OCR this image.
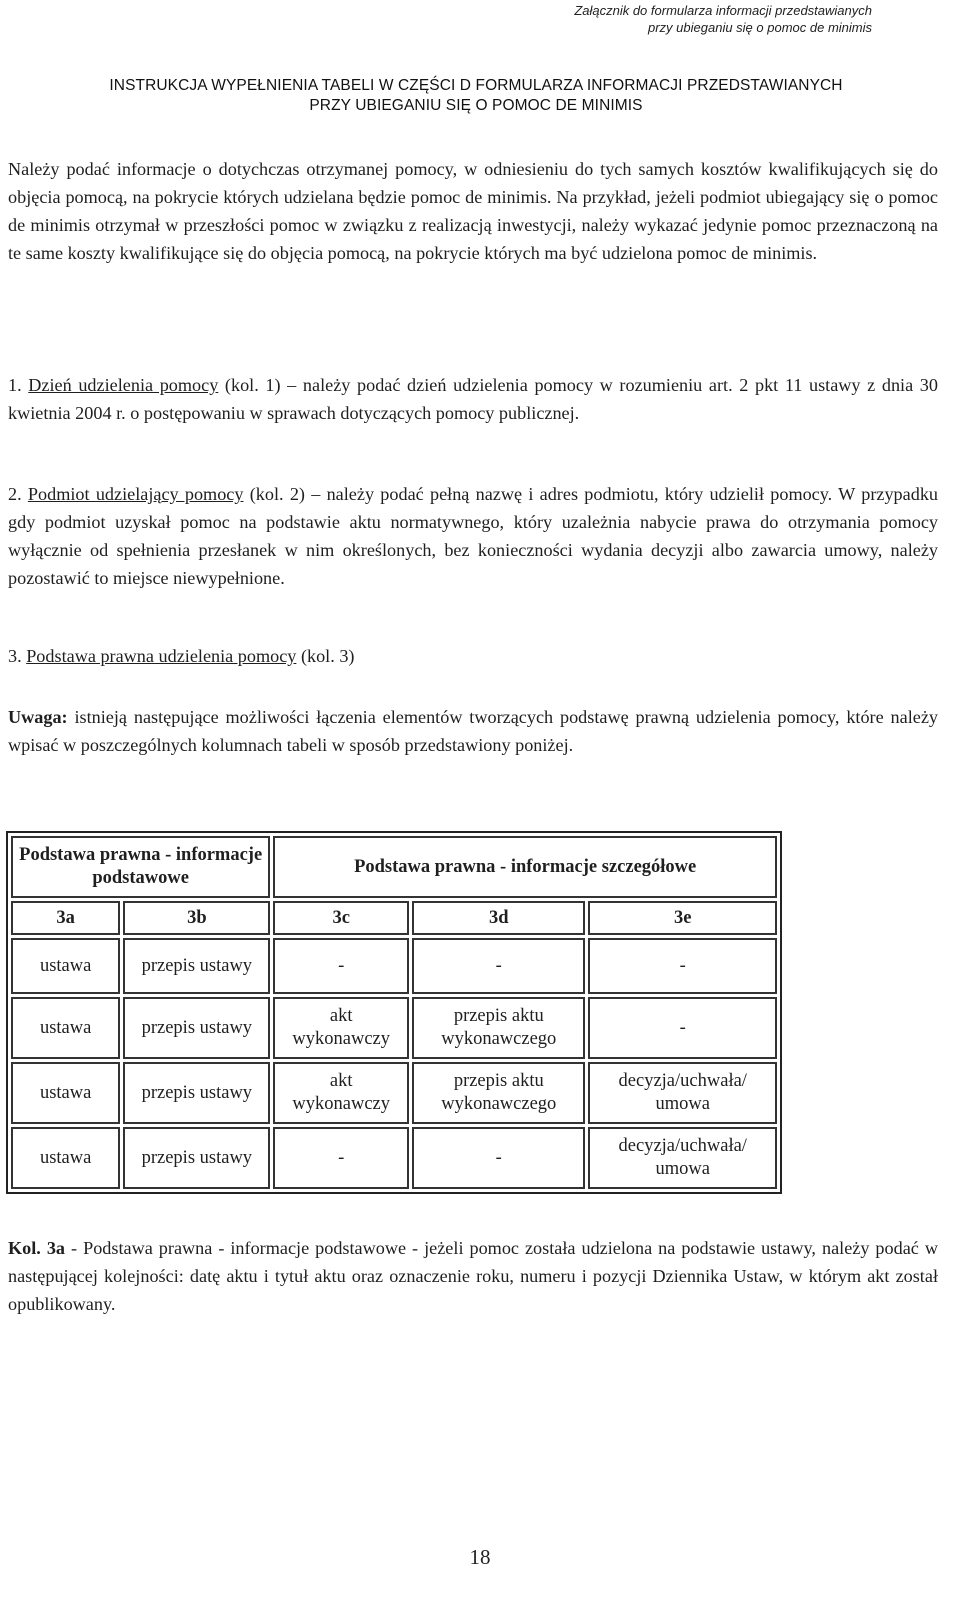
Załącznik do formularza informacji przedstawianych
przy ubieganiu się o pomoc de minimis
INSTRUKCJA WYPEŁNIENIA TABELI W CZĘŚCI D FORMULARZA INFORMACJI PRZEDSTAWIANYCH
PRZY UBIEGANIU SIĘ O POMOC DE MINIMIS
Należy podać informacje o dotychczas otrzymanej pomocy, w odniesieniu do tych samych kosztów kwalifikujących się do objęcia pomocą, na pokrycie których udzielana będzie pomoc de minimis. Na przykład, jeżeli podmiot ubiegający się o pomoc de minimis otrzymał w przeszłości pomoc w związku z realizacją inwestycji, należy wykazać jedynie pomoc przeznaczoną na te same koszty kwalifikujące się do objęcia pomocą, na pokrycie których ma być udzielona pomoc de minimis.
1. Dzień udzielenia pomocy (kol. 1) – należy podać dzień udzielenia pomocy w rozumieniu art. 2 pkt 11 ustawy z dnia 30 kwietnia 2004 r. o postępowaniu w sprawach dotyczących pomocy publicznej.
2. Podmiot udzielający pomocy (kol. 2) – należy podać pełną nazwę i adres podmiotu, który udzielił pomocy. W przypadku gdy podmiot uzyskał pomoc na podstawie aktu normatywnego, który uzależnia nabycie prawa do otrzymania pomocy wyłącznie od spełnienia przesłanek w nim określonych, bez konieczności wydania decyzji albo zawarcia umowy, należy pozostawić to miejsce niewypełnione.
3. Podstawa prawna udzielenia pomocy (kol. 3)
Uwaga: istnieją następujące możliwości łączenia elementów tworzących podstawę prawną udzielenia pomocy, które należy wpisać w poszczególnych kolumnach tabeli w sposób przedstawiony poniżej.
Podstawa prawna - informacje podstawowe		Podstawa prawna - informacje szczegółowe		
3a	3b	3c	3d	3e
ustawa	przepis ustawy	-	-	-
ustawa	przepis ustawy	akt wykonawczy	przepis aktu wykonawczego	-
ustawa	przepis ustawy	akt wykonawczy	przepis aktu wykonawczego	decyzja/uchwała/ umowa
ustawa	przepis ustawy	-	-	decyzja/uchwała/ umowa
Kol. 3a - Podstawa prawna - informacje podstawowe - jeżeli pomoc została udzielona na podstawie ustawy, należy podać w następującej kolejności: datę aktu i tytuł aktu oraz oznaczenie roku, numeru i pozycji Dziennika Ustaw, w którym akt został opublikowany.
18
